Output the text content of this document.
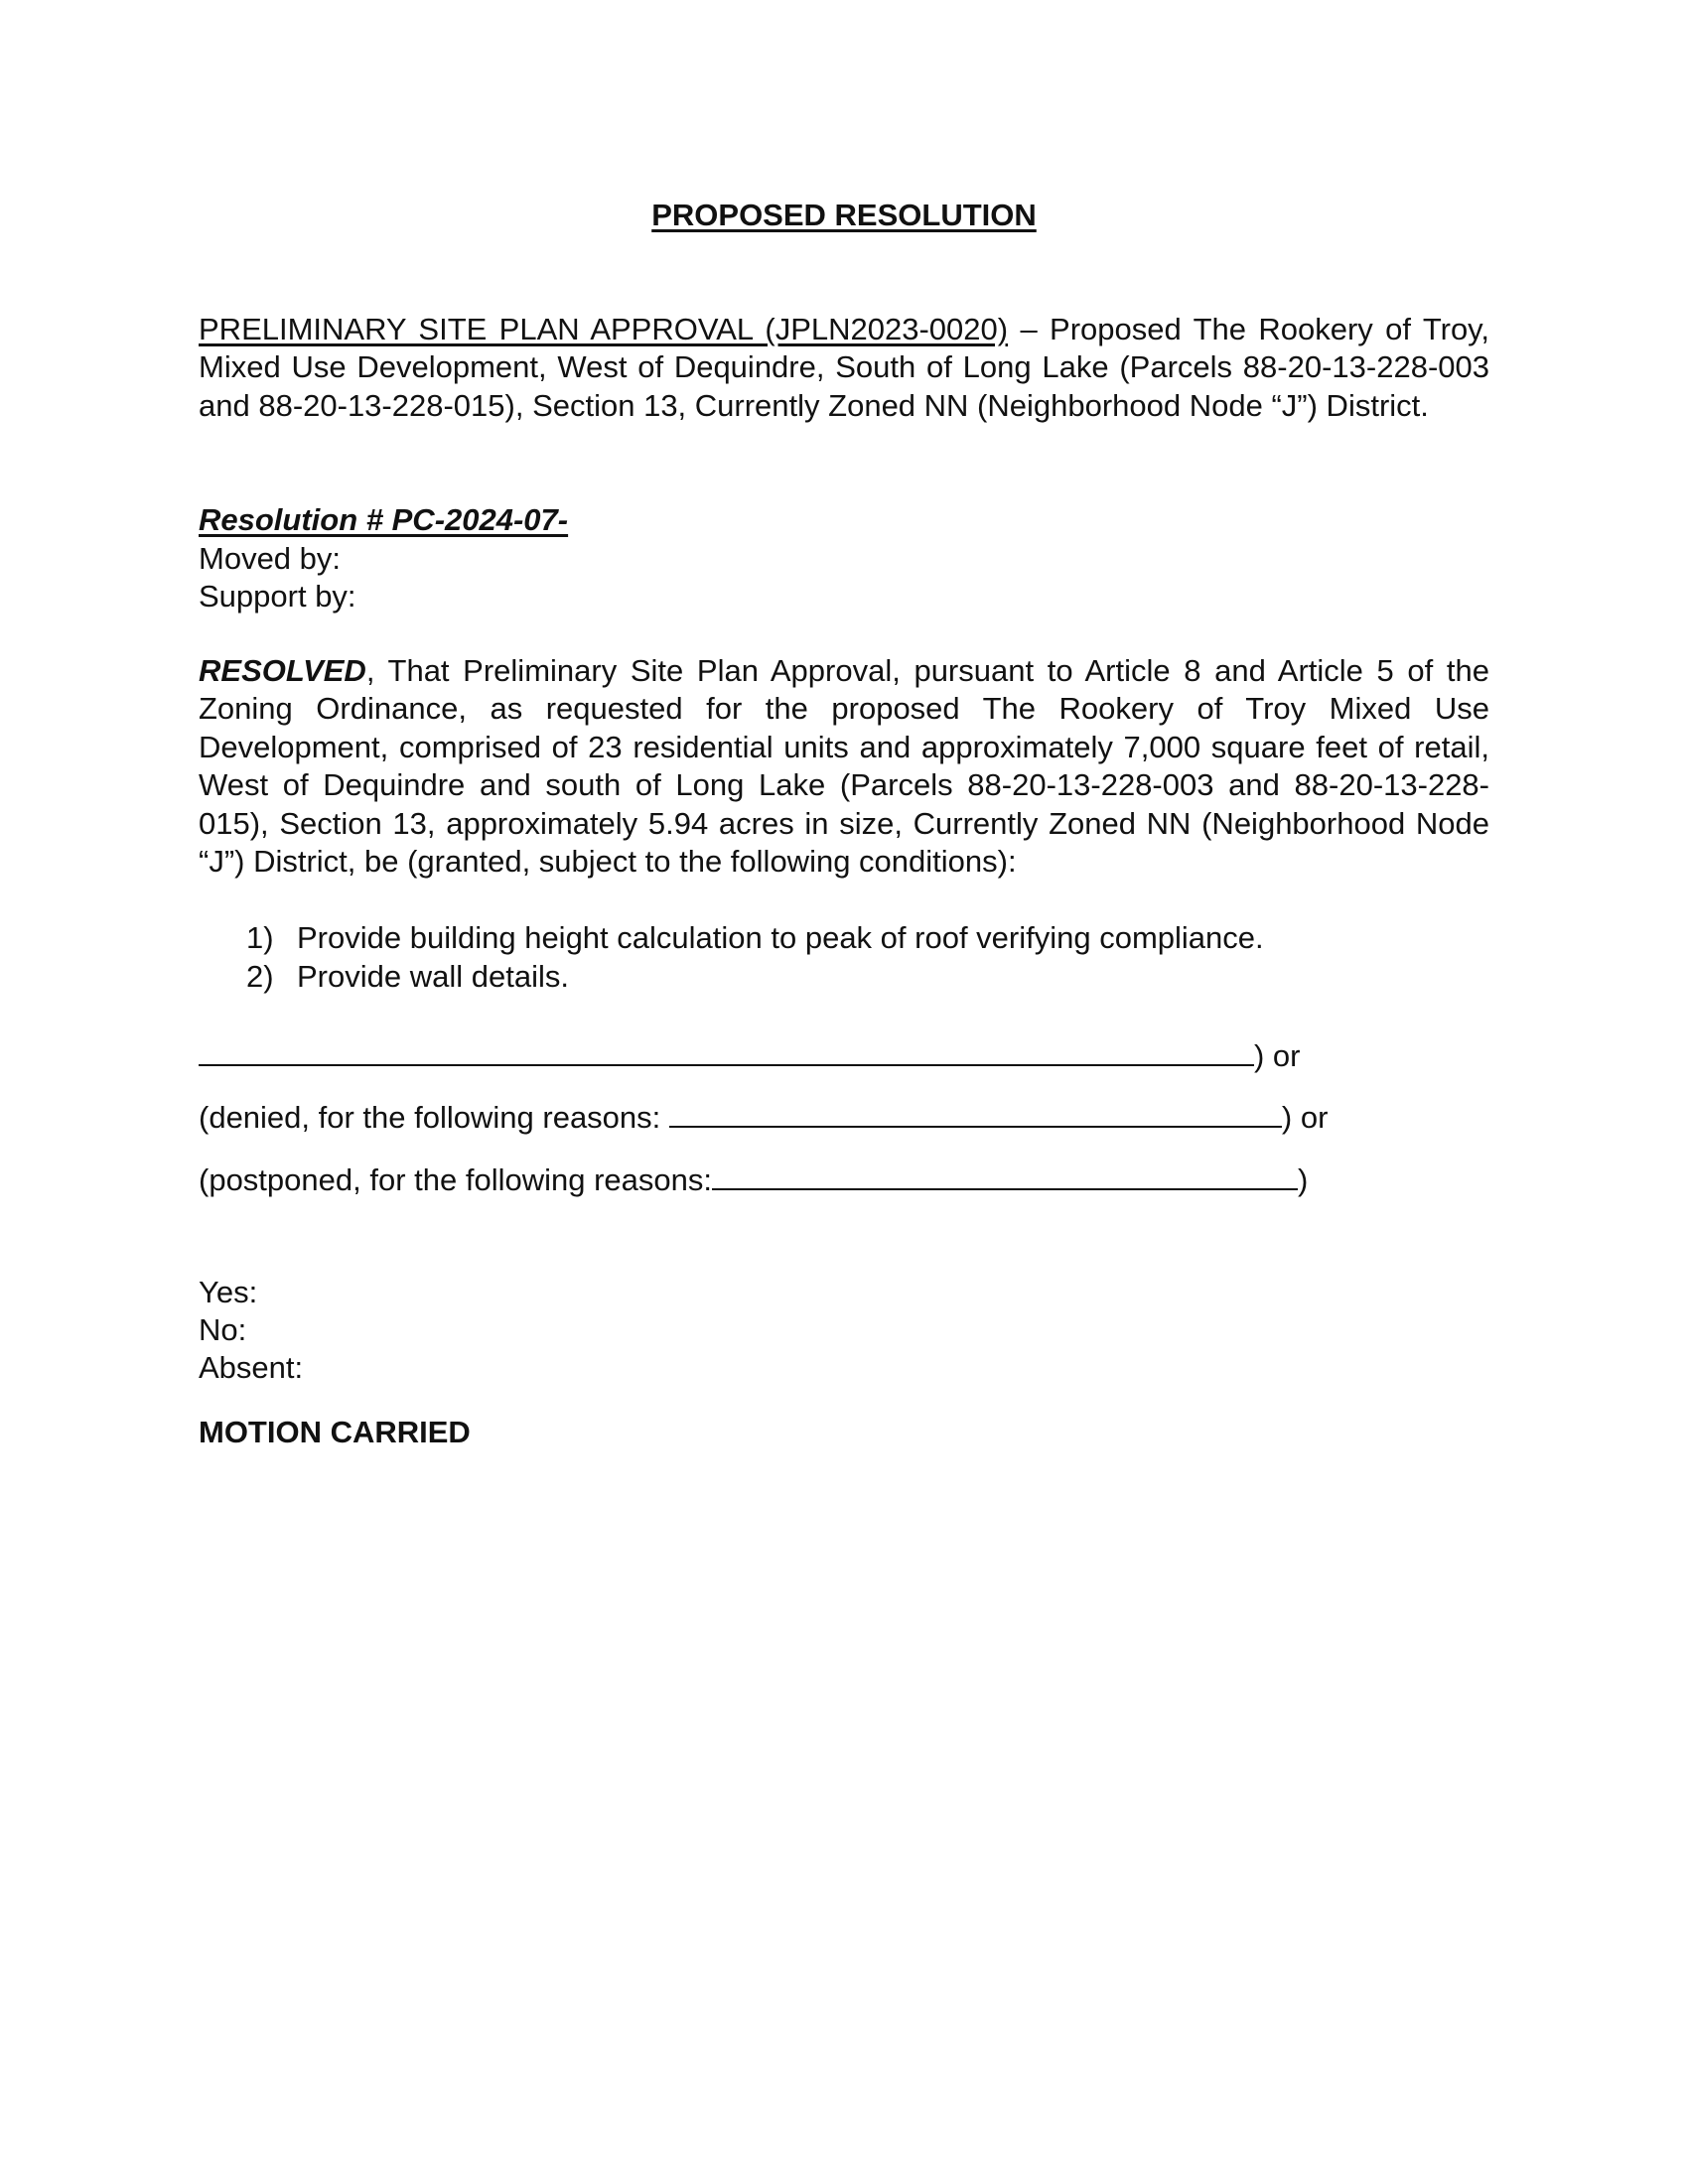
PROPOSED RESOLUTION
PRELIMINARY SITE PLAN APPROVAL (JPLN2023-0020) – Proposed The Rookery of Troy, Mixed Use Development, West of Dequindre, South of Long Lake (Parcels 88-20-13-228-003 and 88-20-13-228-015), Section 13, Currently Zoned NN (Neighborhood Node “J”) District.
Resolution # PC-2024-07-
Moved by:
Support by:
RESOLVED, That Preliminary Site Plan Approval, pursuant to Article 8 and Article 5 of the Zoning Ordinance, as requested for the proposed The Rookery of Troy Mixed Use Development, comprised of 23 residential units and approximately 7,000 square feet of retail, West of Dequindre and south of Long Lake (Parcels 88-20-13-228-003 and 88-20-13-228-015), Section 13, approximately 5.94 acres in size, Currently Zoned NN (Neighborhood Node “J”) District, be (granted, subject to the following conditions):
1) Provide building height calculation to peak of roof verifying compliance.
2) Provide wall details.
) or
(denied, for the following reasons:	) or
(postponed, for the following reasons:	)
Yes:
No:
Absent:
MOTION CARRIED
